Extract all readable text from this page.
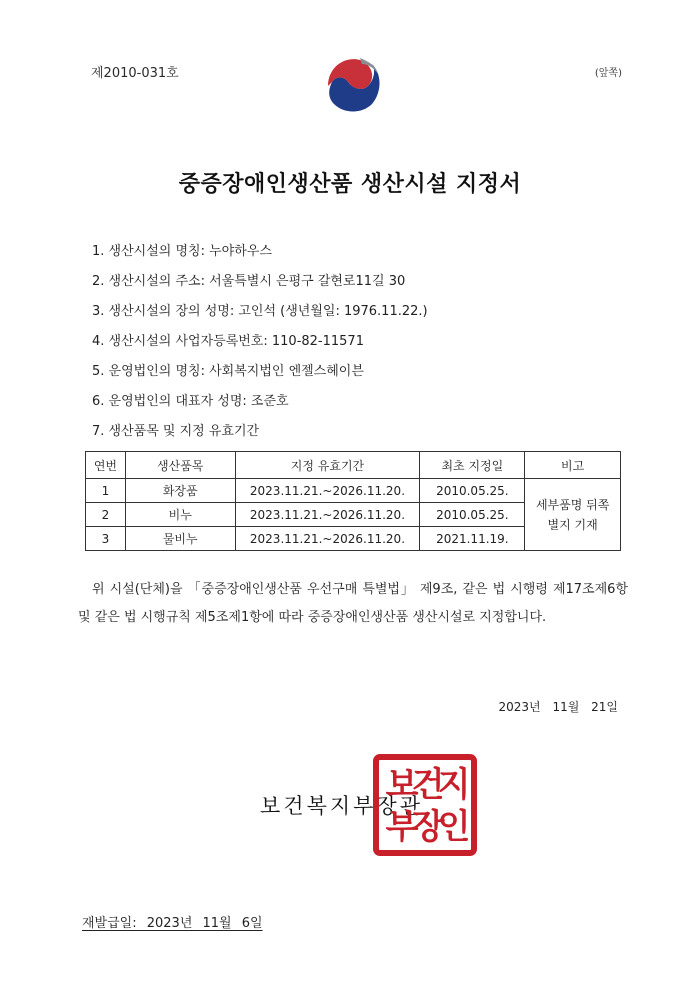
제2010-031호	(앞쪽)
중증장애인생산품 생산시설 지정서
1. 생산시설의 명칭: 누야하우스
2. 생산시설의 주소: 서울특별시 은평구 갈현로11길 30
3. 생산시설의 장의 성명: 고인석 (생년월일: 1976.11.22.)
4. 생산시설의 사업자등록번호: 110-82-11571
5. 운영법인의 명칭: 사회복지법인 엔젤스헤이븐
6. 운영법인의 대표자 성명: 조준호
7. 생산품목 및 지정 유효기간
연번	생산품목	지정 유효기간	최초 지정일	비고
1	화장품	2023.11.21.~2026.11.20.	2010.05.25.	세부품명 뒤쪽
별지 기재

2	비누	2023.11.21.~2026.11.20.	2010.05.25.	
3	물비누	2023.11.21.~2026.11.20.	2021.11.19.	
위 시설(단체)을 「중증장애인생산품 우선구매 특별법」 제9조, 같은 법 시행령 제17조제6항 및 같은 법 시행규칙 제5조제1항에 따라 중증장애인생산품 생산시설로 지정합니다.
2023년 11월 21일
보건복지부장관
보
건
지
부
장
인
재발급일: 2023년 11월 6일
